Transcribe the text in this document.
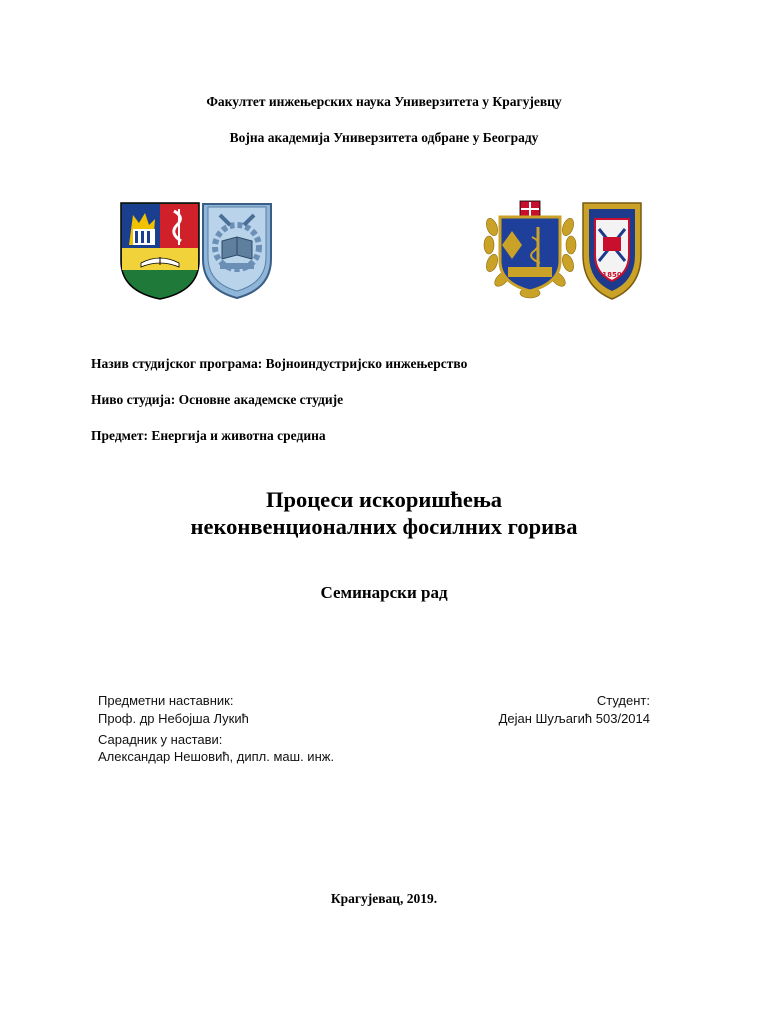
Факултет инжењерских наука Универзитета у Крагујевцу
Војна академија Универзитета одбране у Београду
1850
Назив студијског програма: Војноиндустријско инжењерство
Ниво студија: Основне академске студије
Предмет: Енергија и животна средина
Процеси искоришћења
неконвенционалних фосилних горива
Семинарски рад
Предметни наставник:
Проф. др Небојша Лукић
Студент:
Дејан Шуљагић 503/2014
Сарадник у настави:
Александар Нешовић, дипл. маш. инж.
Крагујевац, 2019.
